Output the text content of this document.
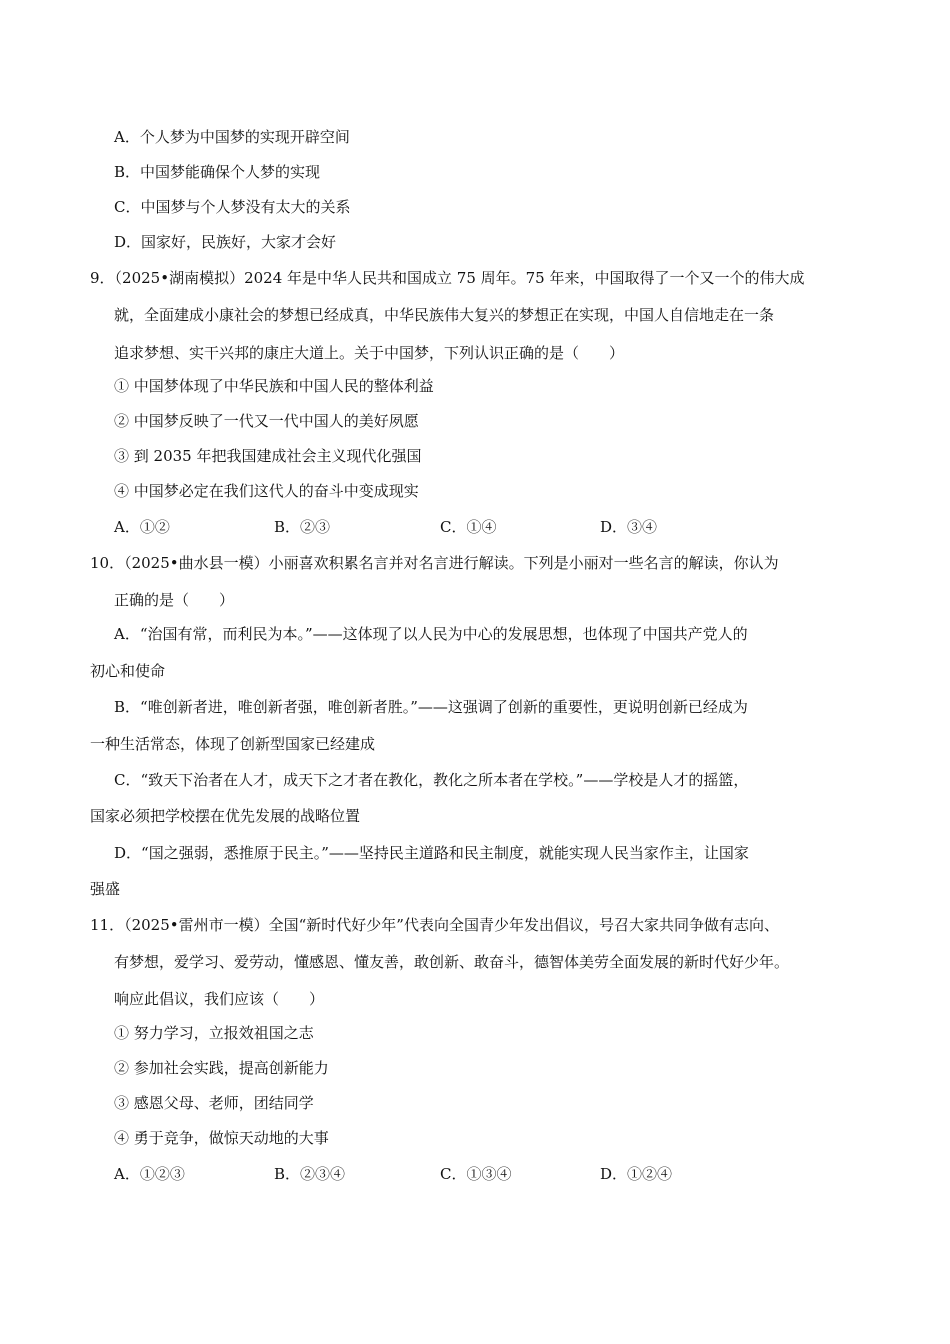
A．个人梦为中国梦的实现开辟空间
B．中国梦能确保个人梦的实现
C．中国梦与个人梦没有太大的关系
D．国家好，民族好，大家才会好
9．（2025•湖南模拟）2024 年是中华人民共和国成立 75 周年。75 年来，中国取得了一个又一个的伟大成
就，全面建成小康社会的梦想已经成真，中华民族伟大复兴的梦想正在实现，中国人自信地走在一条
追求梦想、实干兴邦的康庄大道上。关于中国梦，下列认识正确的是（　　）
① 中国梦体现了中华民族和中国人民的整体利益
② 中国梦反映了一代又一代中国人的美好夙愿
③ 到 2035 年把我国建成社会主义现代化强国
④ 中国梦必定在我们这代人的奋斗中变成现实
A．①②	B．②③	C．①④	D．③④
10．（2025•曲水县一模）小丽喜欢积累名言并对名言进行解读。下列是小丽对一些名言的解读，你认为
正确的是（　　）
A．“治国有常，而利民为本。”——这体现了以人民为中心的发展思想，也体现了中国共产党人的
初心和使命
B．“唯创新者进，唯创新者强，唯创新者胜。”——这强调了创新的重要性，更说明创新已经成为
一种生活常态，体现了创新型国家已经建成
C．“致天下治者在人才，成天下之才者在教化，教化之所本者在学校。”——学校是人才的摇篮，
国家必须把学校摆在优先发展的战略位置
D．“国之强弱，悉推原于民主。”——坚持民主道路和民主制度，就能实现人民当家作主，让国家
强盛
11．（2025•雷州市一模）全国“新时代好少年”代表向全国青少年发出倡议，号召大家共同争做有志向、
有梦想，爱学习、爱劳动，懂感恩、懂友善，敢创新、敢奋斗，德智体美劳全面发展的新时代好少年。
响应此倡议，我们应该（　　）
① 努力学习，立报效祖国之志
② 参加社会实践，提高创新能力
③ 感恩父母、老师，团结同学
④ 勇于竞争，做惊天动地的大事
A．①②③	B．②③④	C．①③④	D．①②④
